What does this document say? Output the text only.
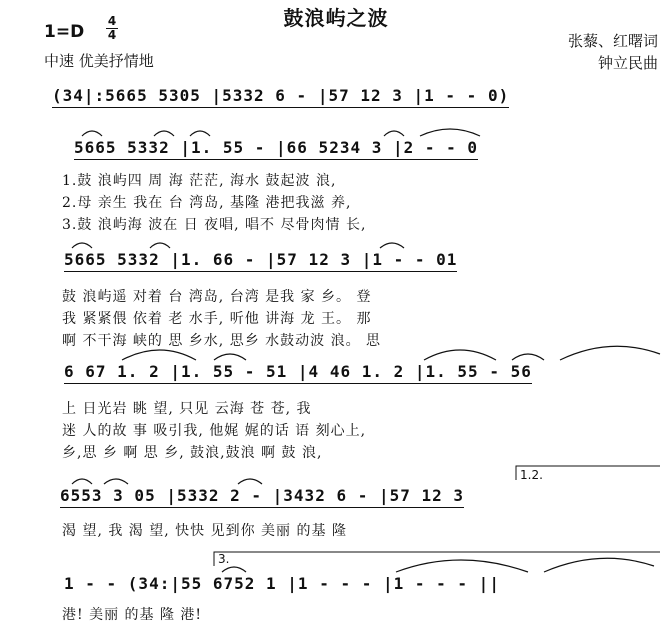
鼓浪屿之波
1=D
4
4
中速 优美抒情地
张藜、红曙词
钟立民曲
(34|:5665 5305 |5332 6 - |57 12 3 |1 - - 0)
5665 5332 |1. 55 - |66 5234 3 |2 - - 0
1.鼓 浪屿四 周 海 茫茫, 海水 鼓起波 浪,
2.母 亲生 我在 台 湾岛, 基隆 港把我滋 养,
3.鼓 浪屿海 波在 日 夜唱, 唱不 尽骨肉情 长,
5665 5332 |1. 66 - |57 12 3 |1 - - 01
鼓 浪屿遥 对着 台 湾岛, 台湾 是我 家 乡。 登
我 紧紧偎 依着 老 水手, 听他 讲海 龙 王。 那
啊 不干海 峡的 思 乡水, 思乡 水鼓动波 浪。 思
6 67 1. 2 |1. 55 - 51 |4 46 1. 2 |1. 55 - 56
上 日光岩 眺 望, 只见 云海 苍 苍, 我
迷 人的故 事 吸引我, 他娓 娓的话 语 刻心上,
乡,思 乡 啊 思 乡, 鼓浪,鼓浪 啊 鼓 浪,
1.2.
6553 3 05 |5332 2 - |3432 6 - |57 12 3
渴 望, 我 渴 望, 快快 见到你 美丽 的基 隆
3.
1 - - (34:|55 6752 1 |1 - - - |1 - - - ||
港! 美丽 的基 隆 港!
